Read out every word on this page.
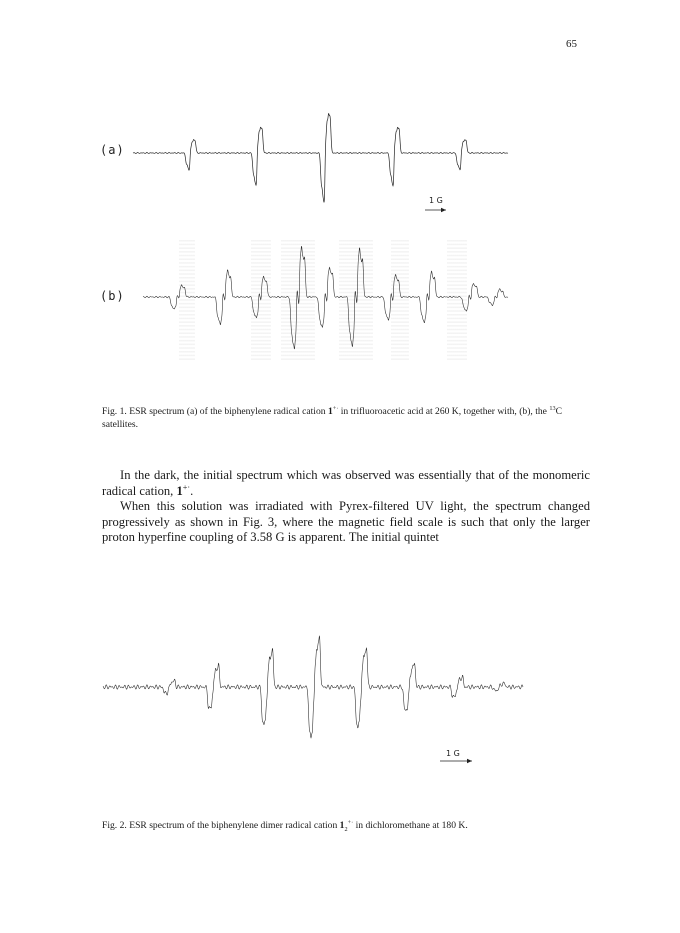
65
(a)
(b)
1 G
Fig. 1. ESR spectrum (a) of the biphenylene radical cation 1+· in trifluoroacetic acid at 260 K, together with, (b), the $^{13}$C satellites.

In the dark, the initial spectrum which was observed was essentially that of the monomeric radical cation, 1+·.

When this solution was irradiated with Pyrex-filtered UV light, the spectrum changed progressively as shown in Fig. 3, where the magnetic field scale is such that only the larger proton hyperfine coupling of 3.58 G is apparent. The initial quintet

1 G
Fig. 2. ESR spectrum of the biphenylene dimer radical cation $1_2^{+\cdot}$ in dichloromethane at 180 K.
